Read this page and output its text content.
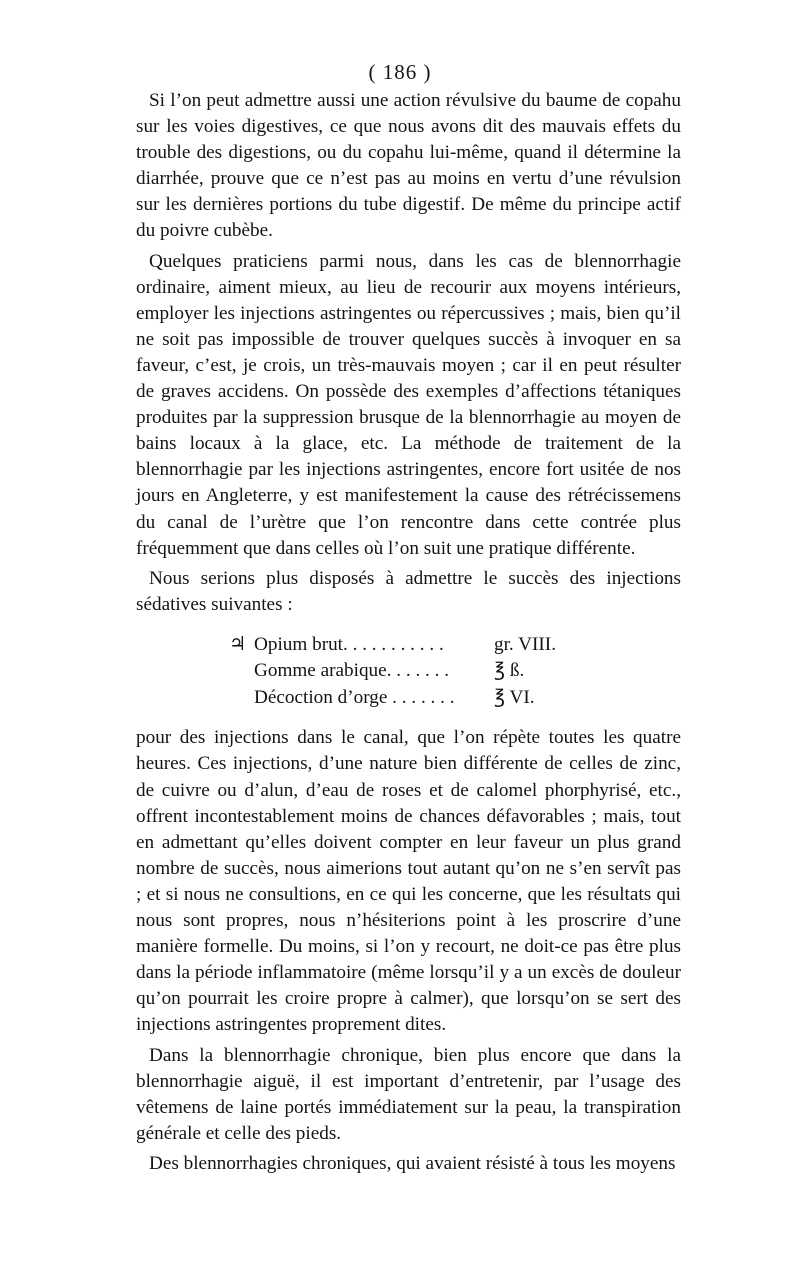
( 186 )

Si l’on peut admettre aussi une action révulsive du baume de copahu sur les voies digestives, ce que nous avons dit des mauvais effets du trouble des digestions, ou du copahu lui-même, quand il détermine la diarrhée, prouve que ce n’est pas au moins en vertu d’une révulsion sur les dernières portions du tube digestif. De même du principe actif du poivre cubèbe.

Quelques praticiens parmi nous, dans les cas de blennorrhagie ordinaire, aiment mieux, au lieu de recourir aux moyens intérieurs, employer les injections astringentes ou répercussives ; mais, bien qu’il ne soit pas impossible de trouver quelques succès à invoquer en sa faveur, c’est, je crois, un très-mauvais moyen ; car il en peut résulter de graves accidens. On possède des exemples d’affections tétaniques produites par la suppression brusque de la blennorrhagie au moyen de bains locaux à la glace, etc. La méthode de traitement de la blennorrhagie par les injections astringentes, encore fort usitée de nos jours en Angleterre, y est manifestement la cause des rétrécissemens du canal de l’urètre que l’on rencontre dans cette contrée plus fréquemment que dans celles où l’on suit une pratique différente.

Nous serions plus disposés à admettre le succès des injections sédatives suivantes :

♃ Opium brut. . . . . . . . . . .	gr. VIII.
Gomme arabique. . . . . . .	℥ ß.
Décoction d’orge . . . . . . .	℥ VI.

pour des injections dans le canal, que l’on répète toutes les quatre heures. Ces injections, d’une nature bien différente de celles de zinc, de cuivre ou d’alun, d’eau de roses et de calomel phorphyrisé, etc., offrent incontestablement moins de chances défavorables ; mais, tout en admettant qu’elles doivent compter en leur faveur un plus grand nombre de succès, nous aimerions tout autant qu’on ne s’en servît pas ; et si nous ne consultions, en ce qui les concerne, que les résultats qui nous sont propres, nous n’hésiterions point à les proscrire d’une manière formelle. Du moins, si l’on y recourt, ne doit-ce pas être plus dans la période inflammatoire (même lorsqu’il y a un excès de douleur qu’on pourrait les croire propre à calmer), que lorsqu’on se sert des injections astringentes proprement dites.

Dans la blennorrhagie chronique, bien plus encore que dans la blennorrhagie aiguë, il est important d’entretenir, par l’usage des vêtemens de laine portés immédiatement sur la peau, la transpiration générale et celle des pieds.

Des blennorrhagies chroniques, qui avaient résisté à tous les moyens
